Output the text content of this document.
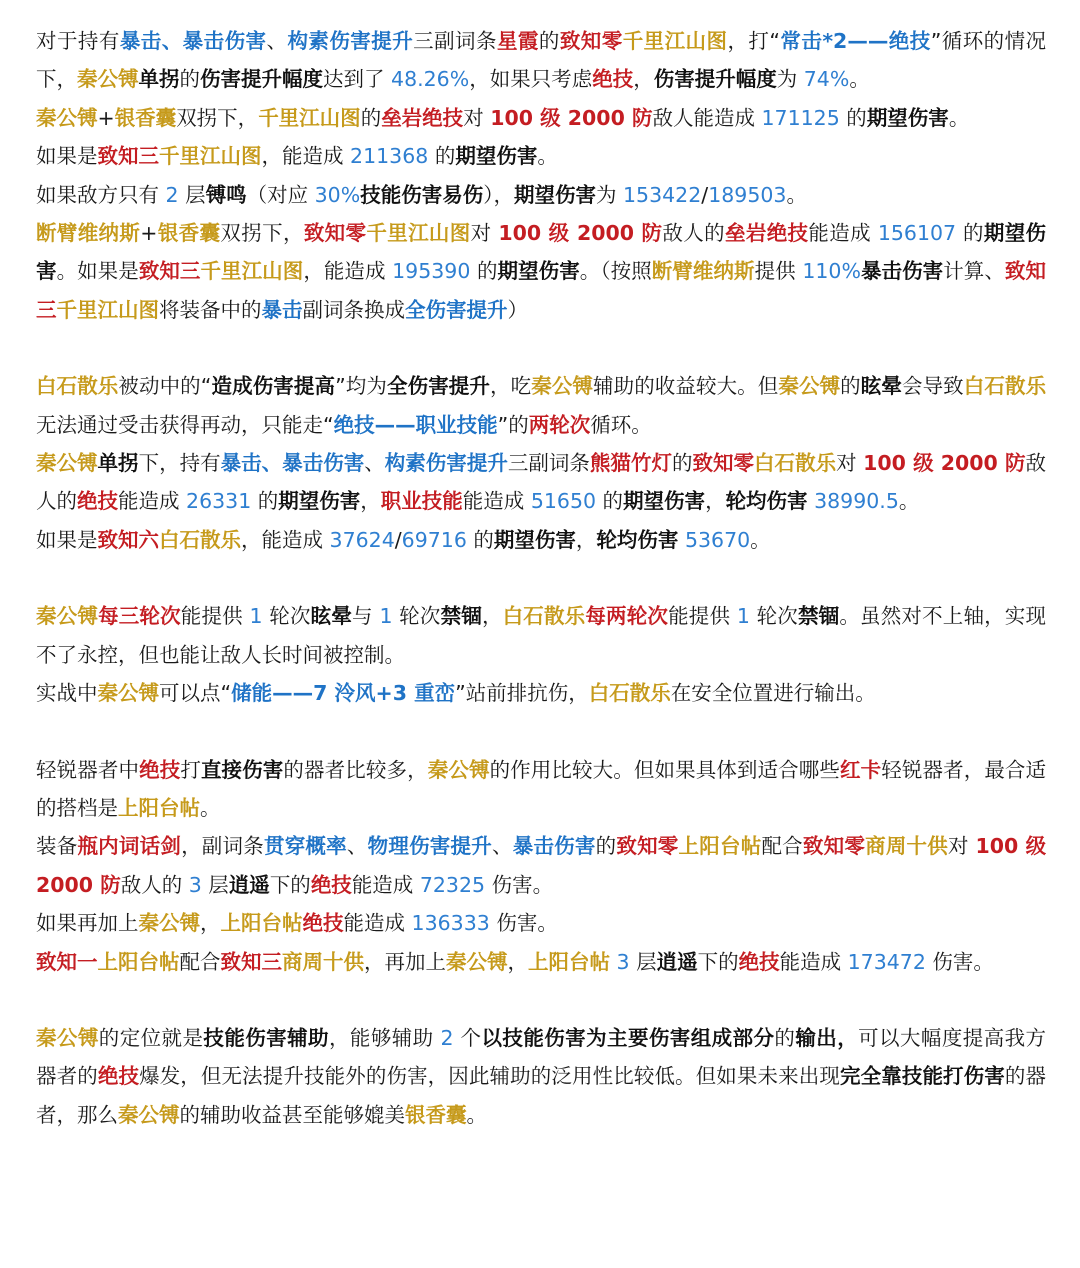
对于持有暴击、暴击伤害、构素伤害提升三副词条星霞的致知零千里江山图，打“常击*2——绝技”循环的情况下，秦公镈单拐的伤害提升幅度达到了 48.26%，如果只考虑绝技，伤害提升幅度为 74%。

秦公镈+银香囊双拐下，千里江山图的垒岩绝技对 100 级 2000 防敌人能造成 171125 的期望伤害。

如果是致知三千里江山图，能造成 211368 的期望伤害。

如果敌方只有 2 层镈鸣（对应 30%技能伤害易伤），期望伤害为 153422/189503。

断臂维纳斯+银香囊双拐下，致知零千里江山图对 100 级 2000 防敌人的垒岩绝技能造成 156107 的期望伤害。如果是致知三千里江山图，能造成 195390 的期望伤害。（按照断臂维纳斯提供 110%暴击伤害计算、致知三千里江山图将装备中的暴击副词条换成全伤害提升）

白石散乐被动中的“造成伤害提高”均为全伤害提升，吃秦公镈辅助的收益较大。但秦公镈的眩晕会导致白石散乐无法通过受击获得再动，只能走“绝技——职业技能”的两轮次循环。

秦公镈单拐下，持有暴击、暴击伤害、构素伤害提升三副词条熊猫竹灯的致知零白石散乐对 100 级 2000 防敌人的绝技能造成 26331 的期望伤害，职业技能能造成 51650 的期望伤害，轮均伤害 38990.5。

如果是致知六白石散乐，能造成 37624/69716 的期望伤害，轮均伤害 53670。

秦公镈每三轮次能提供 1 轮次眩晕与 1 轮次禁锢，白石散乐每两轮次能提供 1 轮次禁锢。虽然对不上轴，实现不了永控，但也能让敌人长时间被控制。

实战中秦公镈可以点“储能——7 泠风+3 重峦”站前排抗伤，白石散乐在安全位置进行输出。

轻锐器者中绝技打直接伤害的器者比较多，秦公镈的作用比较大。但如果具体到适合哪些红卡轻锐器者，最合适的搭档是上阳台帖。

装备瓶内词话剑，副词条贯穿概率、物理伤害提升、暴击伤害的致知零上阳台帖配合致知零商周十供对 100 级 2000 防敌人的 3 层逍遥下的绝技能造成 72325 伤害。

如果再加上秦公镈，上阳台帖绝技能造成 136333 伤害。

致知一上阳台帖配合致知三商周十供，再加上秦公镈，上阳台帖 3 层逍遥下的绝技能造成 173472 伤害。

秦公镈的定位就是技能伤害辅助，能够辅助 2 个以技能伤害为主要伤害组成部分的输出，可以大幅度提高我方器者的绝技爆发，但无法提升技能外的伤害，因此辅助的泛用性比较低。但如果未来出现完全靠技能打伤害的器者，那么秦公镈的辅助收益甚至能够媲美银香囊。
